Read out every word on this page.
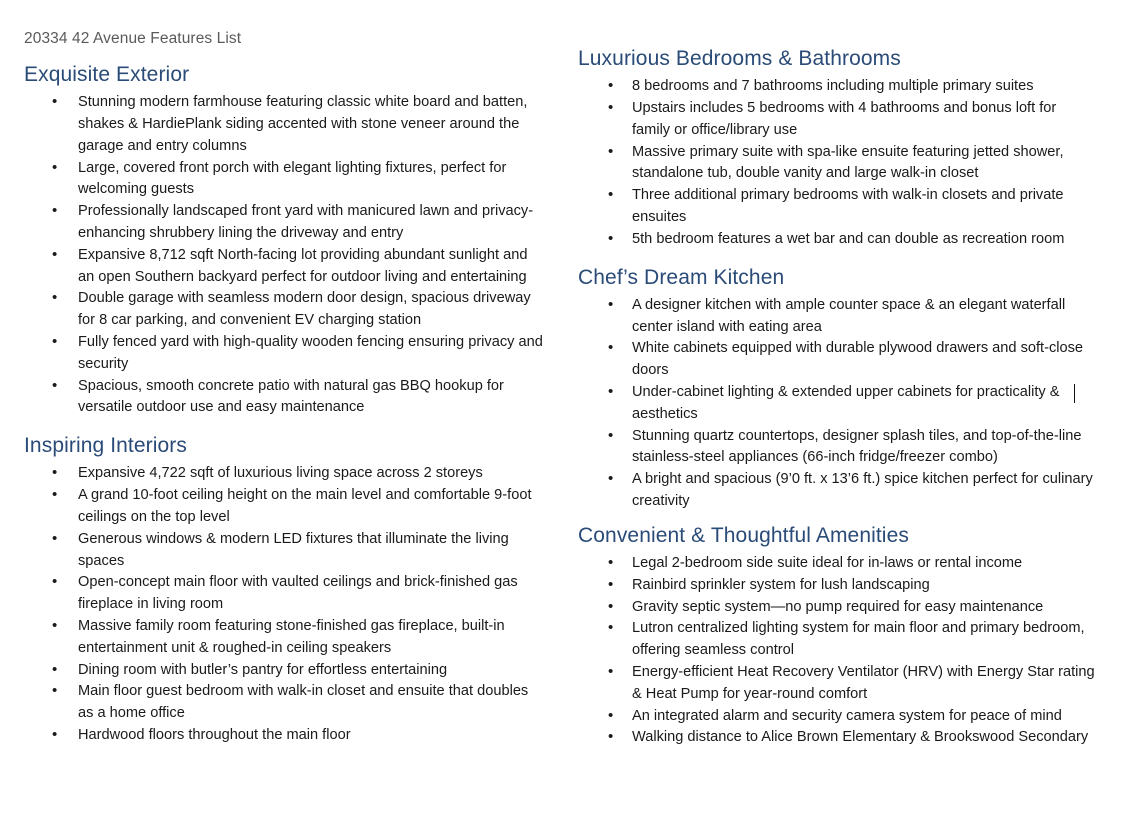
20334 42 Avenue Features List
Exquisite Exterior
• Stunning modern farmhouse featuring classic white board and batten, shakes & HardiePlank siding accented with stone veneer around the garage and entry columns
• Large, covered front porch with elegant lighting fixtures, perfect for welcoming guests
• Professionally landscaped front yard with manicured lawn and privacy-enhancing shrubbery lining the driveway and entry
• Expansive 8,712 sqft North-facing lot providing abundant sunlight and an open Southern backyard perfect for outdoor living and entertaining
• Double garage with seamless modern door design, spacious driveway for 8 car parking, and convenient EV charging station
• Fully fenced yard with high-quality wooden fencing ensuring privacy and security
• Spacious, smooth concrete patio with natural gas BBQ hookup for versatile outdoor use and easy maintenance
Inspiring Interiors
• Expansive 4,722 sqft of luxurious living space across 2 storeys
• A grand 10-foot ceiling height on the main level and comfortable 9-foot ceilings on the top level
• Generous windows & modern LED fixtures that illuminate the living spaces
• Open-concept main floor with vaulted ceilings and brick-finished gas fireplace in living room
• Massive family room featuring stone-finished gas fireplace, built-in entertainment unit & roughed-in ceiling speakers
• Dining room with butler’s pantry for effortless entertaining
• Main floor guest bedroom with walk-in closet and ensuite that doubles as a home office
• Hardwood floors throughout the main floor
Luxurious Bedrooms & Bathrooms
• 8 bedrooms and 7 bathrooms including multiple primary suites
• Upstairs includes 5 bedrooms with 4 bathrooms and bonus loft for family or office/library use
• Massive primary suite with spa-like ensuite featuring jetted shower, standalone tub, double vanity and large walk-in closet
• Three additional primary bedrooms with walk-in closets and private ensuites
• 5th bedroom features a wet bar and can double as recreation room
Chef’s Dream Kitchen
• A designer kitchen with ample counter space & an elegant waterfall center island with eating area
• White cabinets equipped with durable plywood drawers and soft-close doors
• Under-cabinet lighting & extended upper cabinets for practicality & aesthetics
• Stunning quartz countertops, designer splash tiles, and top-of-the-line stainless-steel appliances (66-inch fridge/freezer combo)
• A bright and spacious (9’0 ft. x 13’6 ft.) spice kitchen perfect for culinary creativity
Convenient & Thoughtful Amenities
• Legal 2-bedroom side suite ideal for in-laws or rental income
• Rainbird sprinkler system for lush landscaping
• Gravity septic system—no pump required for easy maintenance
• Lutron centralized lighting system for main floor and primary bedroom, offering seamless control
• Energy-efficient Heat Recovery Ventilator (HRV) with Energy Star rating & Heat Pump for year-round comfort
• An integrated alarm and security camera system for peace of mind
• Walking distance to Alice Brown Elementary & Brookswood Secondary
